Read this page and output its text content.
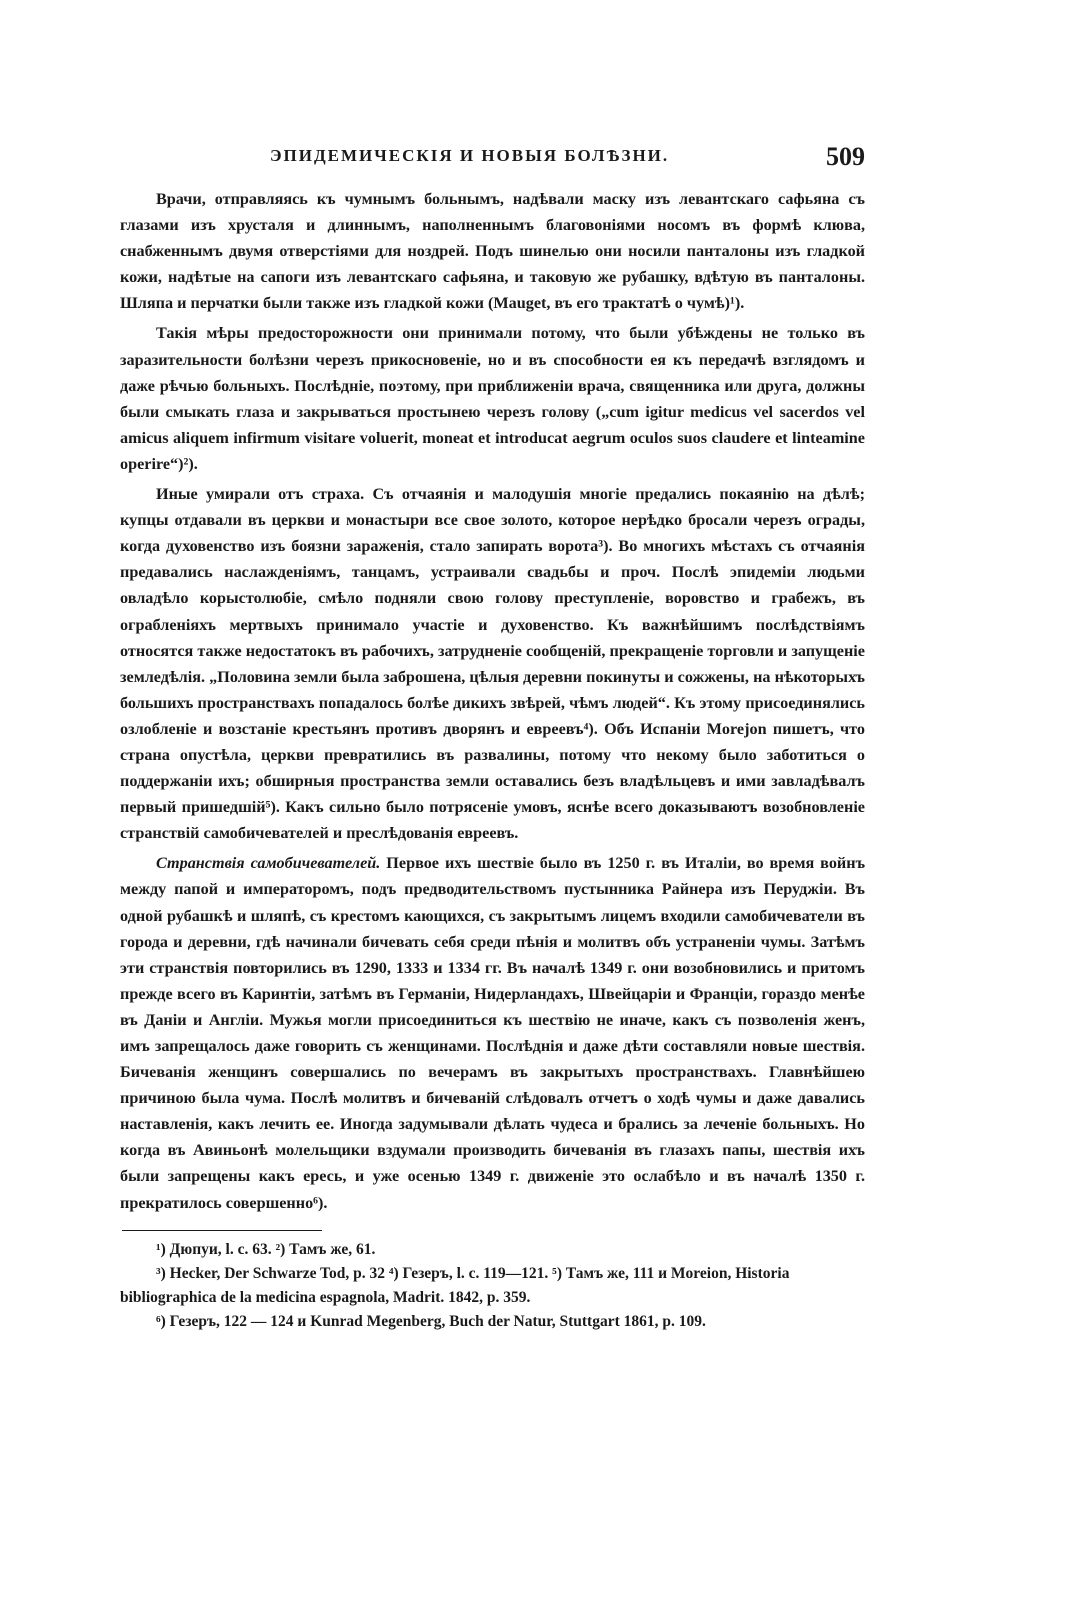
ЭПИДЕМИЧЕСКІЯ И НОВЫЯ БОЛѢЗНИ.	509

Врачи, отправляясь къ чумнымъ больнымъ, надѣвали маску изъ левантскаго сафьяна съ глазами изъ хрусталя и длиннымъ, наполненнымъ благовоніями носомъ въ формѣ клюва, снабженнымъ двумя отверстіями для ноздрей. Подъ шинелью они носили панталоны изъ гладкой кожи, надѣтые на сапоги изъ левантскаго сафьяна, и таковую же рубашку, вдѣтую въ панталоны. Шляпа и перчатки были также изъ гладкой кожи (Mauget, въ его трактатѣ о чумѣ)¹).

Такія мѣры предосторожности они принимали потому, что были убѣждены не только въ заразительности болѣзни черезъ прикосновеніе, но и въ способности ея къ передачѣ взглядомъ и даже рѣчью больныхъ. Послѣдніе, поэтому, при приближеніи врача, священника или друга, должны были смыкать глаза и закрываться простынею черезъ голову („cum igitur medicus vel sacerdos vel amicus aliquem infirmum visitare voluerit, moneat et introducat aegrum oculos suos claudere et linteamine operire“)²).

Иные умирали отъ страха. Съ отчаянія и малодушія многіе предались покаянію на дѣлѣ; купцы отдавали въ церкви и монастыри все свое золото, которое нерѣдко бросали черезъ ограды, когда духовенство изъ боязни зараженія, стало запирать ворота³). Во многихъ мѣстахъ съ отчаянія предавались наслажденіямъ, танцамъ, устраивали свадьбы и проч. Послѣ эпидеміи людьми овладѣло корыстолюбіе, смѣло подняли свою голову преступленіе, воровство и грабежъ, въ ограбленіяхъ мертвыхъ принимало участіе и духовенство. Къ важнѣйшимъ послѣдствіямъ относятся также недостатокъ въ рабочихъ, затрудненіе сообщеній, прекращеніе торговли и запущеніе земледѣлія. „Половина земли была заброшена, цѣлыя деревни покинуты и сожжены, на нѣкоторыхъ большихъ пространствахъ попадалось болѣе дикихъ звѣрей, чѣмъ людей“. Къ этому присоединялись озлобленіе и возстаніе крестьянъ противъ дворянъ и евреевъ⁴). Объ Испаніи Moreјon пишетъ, что страна опустѣла, церкви превратились въ развалины, потому что некому было заботиться о поддержаніи ихъ; обширныя пространства земли оставались безъ владѣльцевъ и ими завладѣвалъ первый пришедшій⁵). Какъ сильно было потрясеніе умовъ, яснѣе всего доказываютъ возобновленіе странствій самобичевателей и преслѣдованія евреевъ.

Странствія самобичевателей. Первое ихъ шествіе было въ 1250 г. въ Италіи, во время войнъ между папой и императоромъ, подъ предводительствомъ пустынника Райнера изъ Перуджіи. Въ одной рубашкѣ и шляпѣ, съ крестомъ кающихся, съ закрытымъ лицемъ входили самобичеватели въ города и деревни, гдѣ начинали бичевать себя среди пѣнія и молитвъ объ устраненіи чумы. Затѣмъ эти странствія повторились въ 1290, 1333 и 1334 гг. Въ началѣ 1349 г. они возобновились и притомъ прежде всего въ Каринтіи, затѣмъ въ Германіи, Нидерландахъ, Швейцаріи и Франціи, гораздо менѣе въ Даніи и Англіи. Мужья могли присоединиться къ шествію не иначе, какъ съ позволенія женъ, имъ запрещалось даже говорить съ женщинами. Послѣднія и даже дѣти составляли новые шествія. Бичеванія женщинъ совершались по вечерамъ въ закрытыхъ пространствахъ. Главнѣйшею причиною была чума. Послѣ молитвъ и бичеваній слѣдовалъ отчетъ о ходѣ чумы и даже давались наставленія, какъ лечить ее. Иногда задумывали дѣлать чудеса и брались за леченіе больныхъ. Но когда въ Авиньонѣ молельщики вздумали производить бичеванія въ глазахъ папы, шествія ихъ были запрещены какъ ересь, и уже осенью 1349 г. движеніе это ослабѣло и въ началѣ 1350 г. прекратилось совершенно⁶).

¹) Дюпуи, l. c. 63. ²) Тамъ же, 61.

³) Hecker, Der Schwarze Tod, p. 32 ⁴) Гезеръ, l. c. 119—121. ⁵) Тамъ же, 111 и Moreion, Historia bibliographica de la medicina espagnola, Madrit. 1842, p. 359.

⁶) Гезеръ, 122 — 124 и Kunrad Megenberg, Buch der Natur, Stuttgart 1861, p. 109.
